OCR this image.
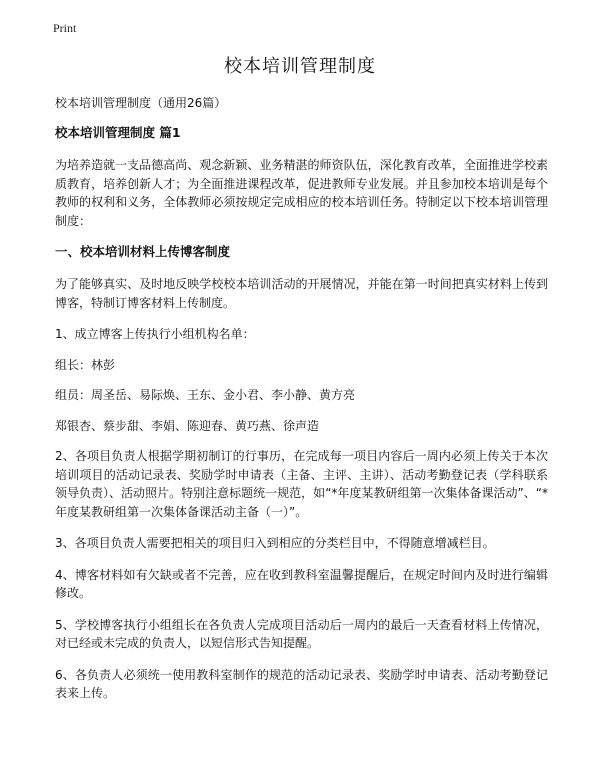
Print
校本培训管理制度

校本培训管理制度（通用26篇）

校本培训管理制度 篇1

为培养造就一支品德高尚、观念新颖、业务精湛的师资队伍，深化教育改革，全面推进学校素质教育，培养创新人才；为全面推进课程改革，促进教师专业发展。并且参加校本培训是每个教师的权利和义务，全体教师必须按规定完成相应的校本培训任务。特制定以下校本培训管理制度：

一、校本培训材料上传博客制度

为了能够真实、及时地反映学校校本培训活动的开展情况，并能在第一时间把真实材料上传到博客，特制订博客材料上传制度。

1、成立博客上传执行小组机构名单：

组长：林彭

组员：周圣岳、易际焕、王东、金小君、李小静、黄方亮

郑银杏、蔡步甜、李娟、陈迎春、黄巧燕、徐声造

2、各项目负责人根据学期初制订的行事历，在完成每一项目内容后一周内必须上传关于本次培训项目的活动记录表、奖励学时申请表（主备、主评、主讲）、活动考勤登记表（学科联系领导负责）、活动照片。特别注意标题统一规范，如“*年度某教研组第一次集体备课活动”、“*年度某教研组第一次集体备课活动主备（一）”。

3、各项目负责人需要把相关的项目归入到相应的分类栏目中，不得随意增减栏目。

4、博客材料如有欠缺或者不完善，应在收到教科室温馨提醒后，在规定时间内及时进行编辑修改。

5、学校博客执行小组组长在各负责人完成项目活动后一周内的最后一天查看材料上传情况，对已经或未完成的负责人，以短信形式告知提醒。

6、各负责人必须统一使用教科室制作的规范的活动记录表、奖励学时申请表、活动考勤登记表来上传。
